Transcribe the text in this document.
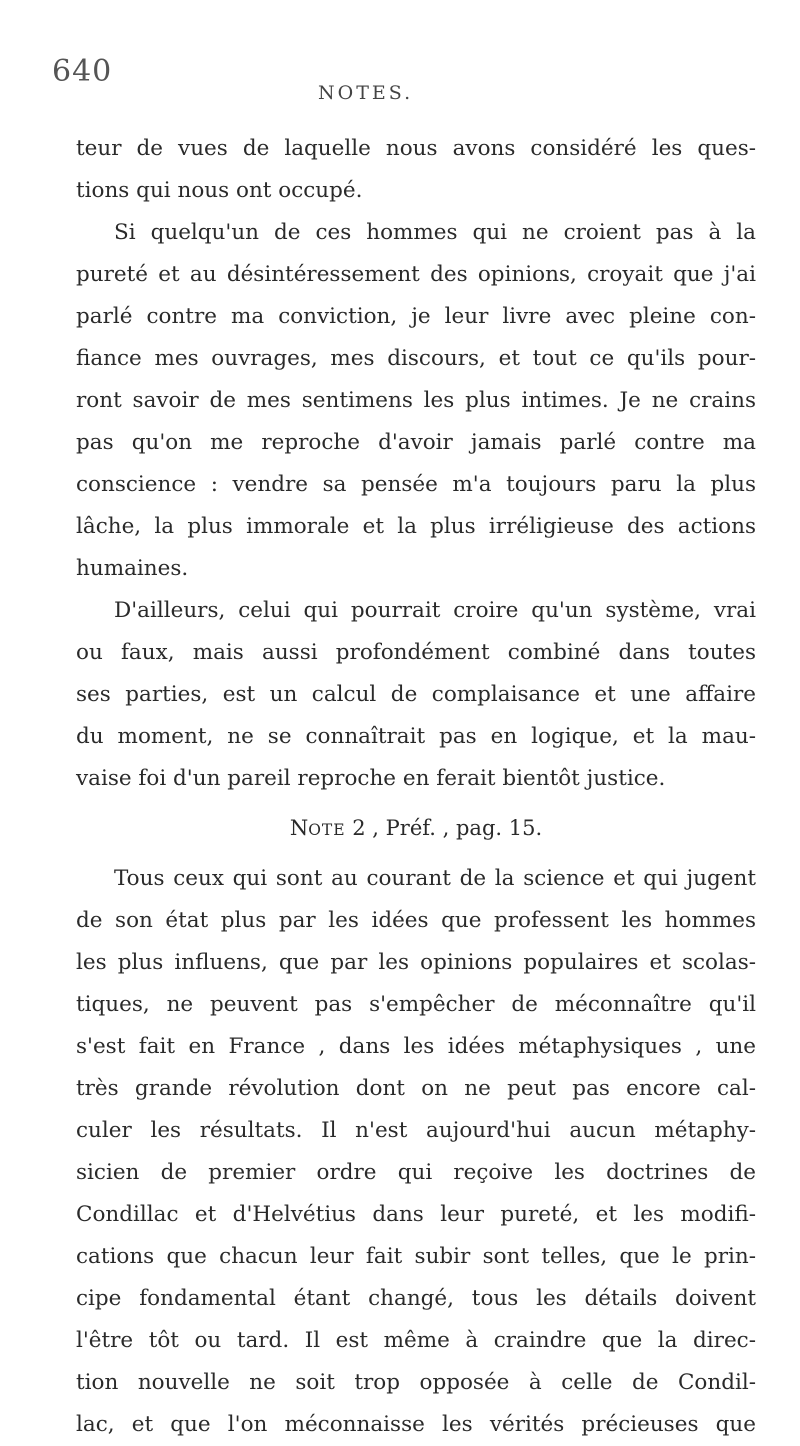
640
NOTES.
teur de vues de laquelle nous avons considéré les ques-
tions qui nous ont occupé.
Si quelqu'un de ces hommes qui ne croient pas à la
pureté et au désintéressement des opinions, croyait que j'ai
parlé contre ma conviction, je leur livre avec pleine con-
fiance mes ouvrages, mes discours, et tout ce qu'ils pour-
ront savoir de mes sentimens les plus intimes. Je ne crains
pas qu'on me reproche d'avoir jamais parlé contre ma
conscience : vendre sa pensée m'a toujours paru la plus
lâche, la plus immorale et la plus irréligieuse des actions
humaines.
D'ailleurs, celui qui pourrait croire qu'un système, vrai
ou faux, mais aussi profondément combiné dans toutes
ses parties, est un calcul de complaisance et une affaire
du moment, ne se connaîtrait pas en logique, et la mau-
vaise foi d'un pareil reproche en ferait bientôt justice.
NOTE 2 , Préf. , pag. 15.
Tous ceux qui sont au courant de la science et qui jugent
de son état plus par les idées que professent les hommes
les plus influens, que par les opinions populaires et scolas-
tiques, ne peuvent pas s'empêcher de méconnaître qu'il
s'est fait en France , dans les idées métaphysiques , une
très grande révolution dont on ne peut pas encore cal-
culer les résultats. Il n'est aujourd'hui aucun métaphy-
sicien de premier ordre qui reçoive les doctrines de
Condillac et d'Helvétius dans leur pureté, et les modifi-
cations que chacun leur fait subir sont telles, que le prin-
cipe fondamental étant changé, tous les détails doivent
l'être tôt ou tard. Il est même à craindre que la direc-
tion nouvelle ne soit trop opposée à celle de Condil-
lac, et que l'on méconnaisse les vérités précieuses que
